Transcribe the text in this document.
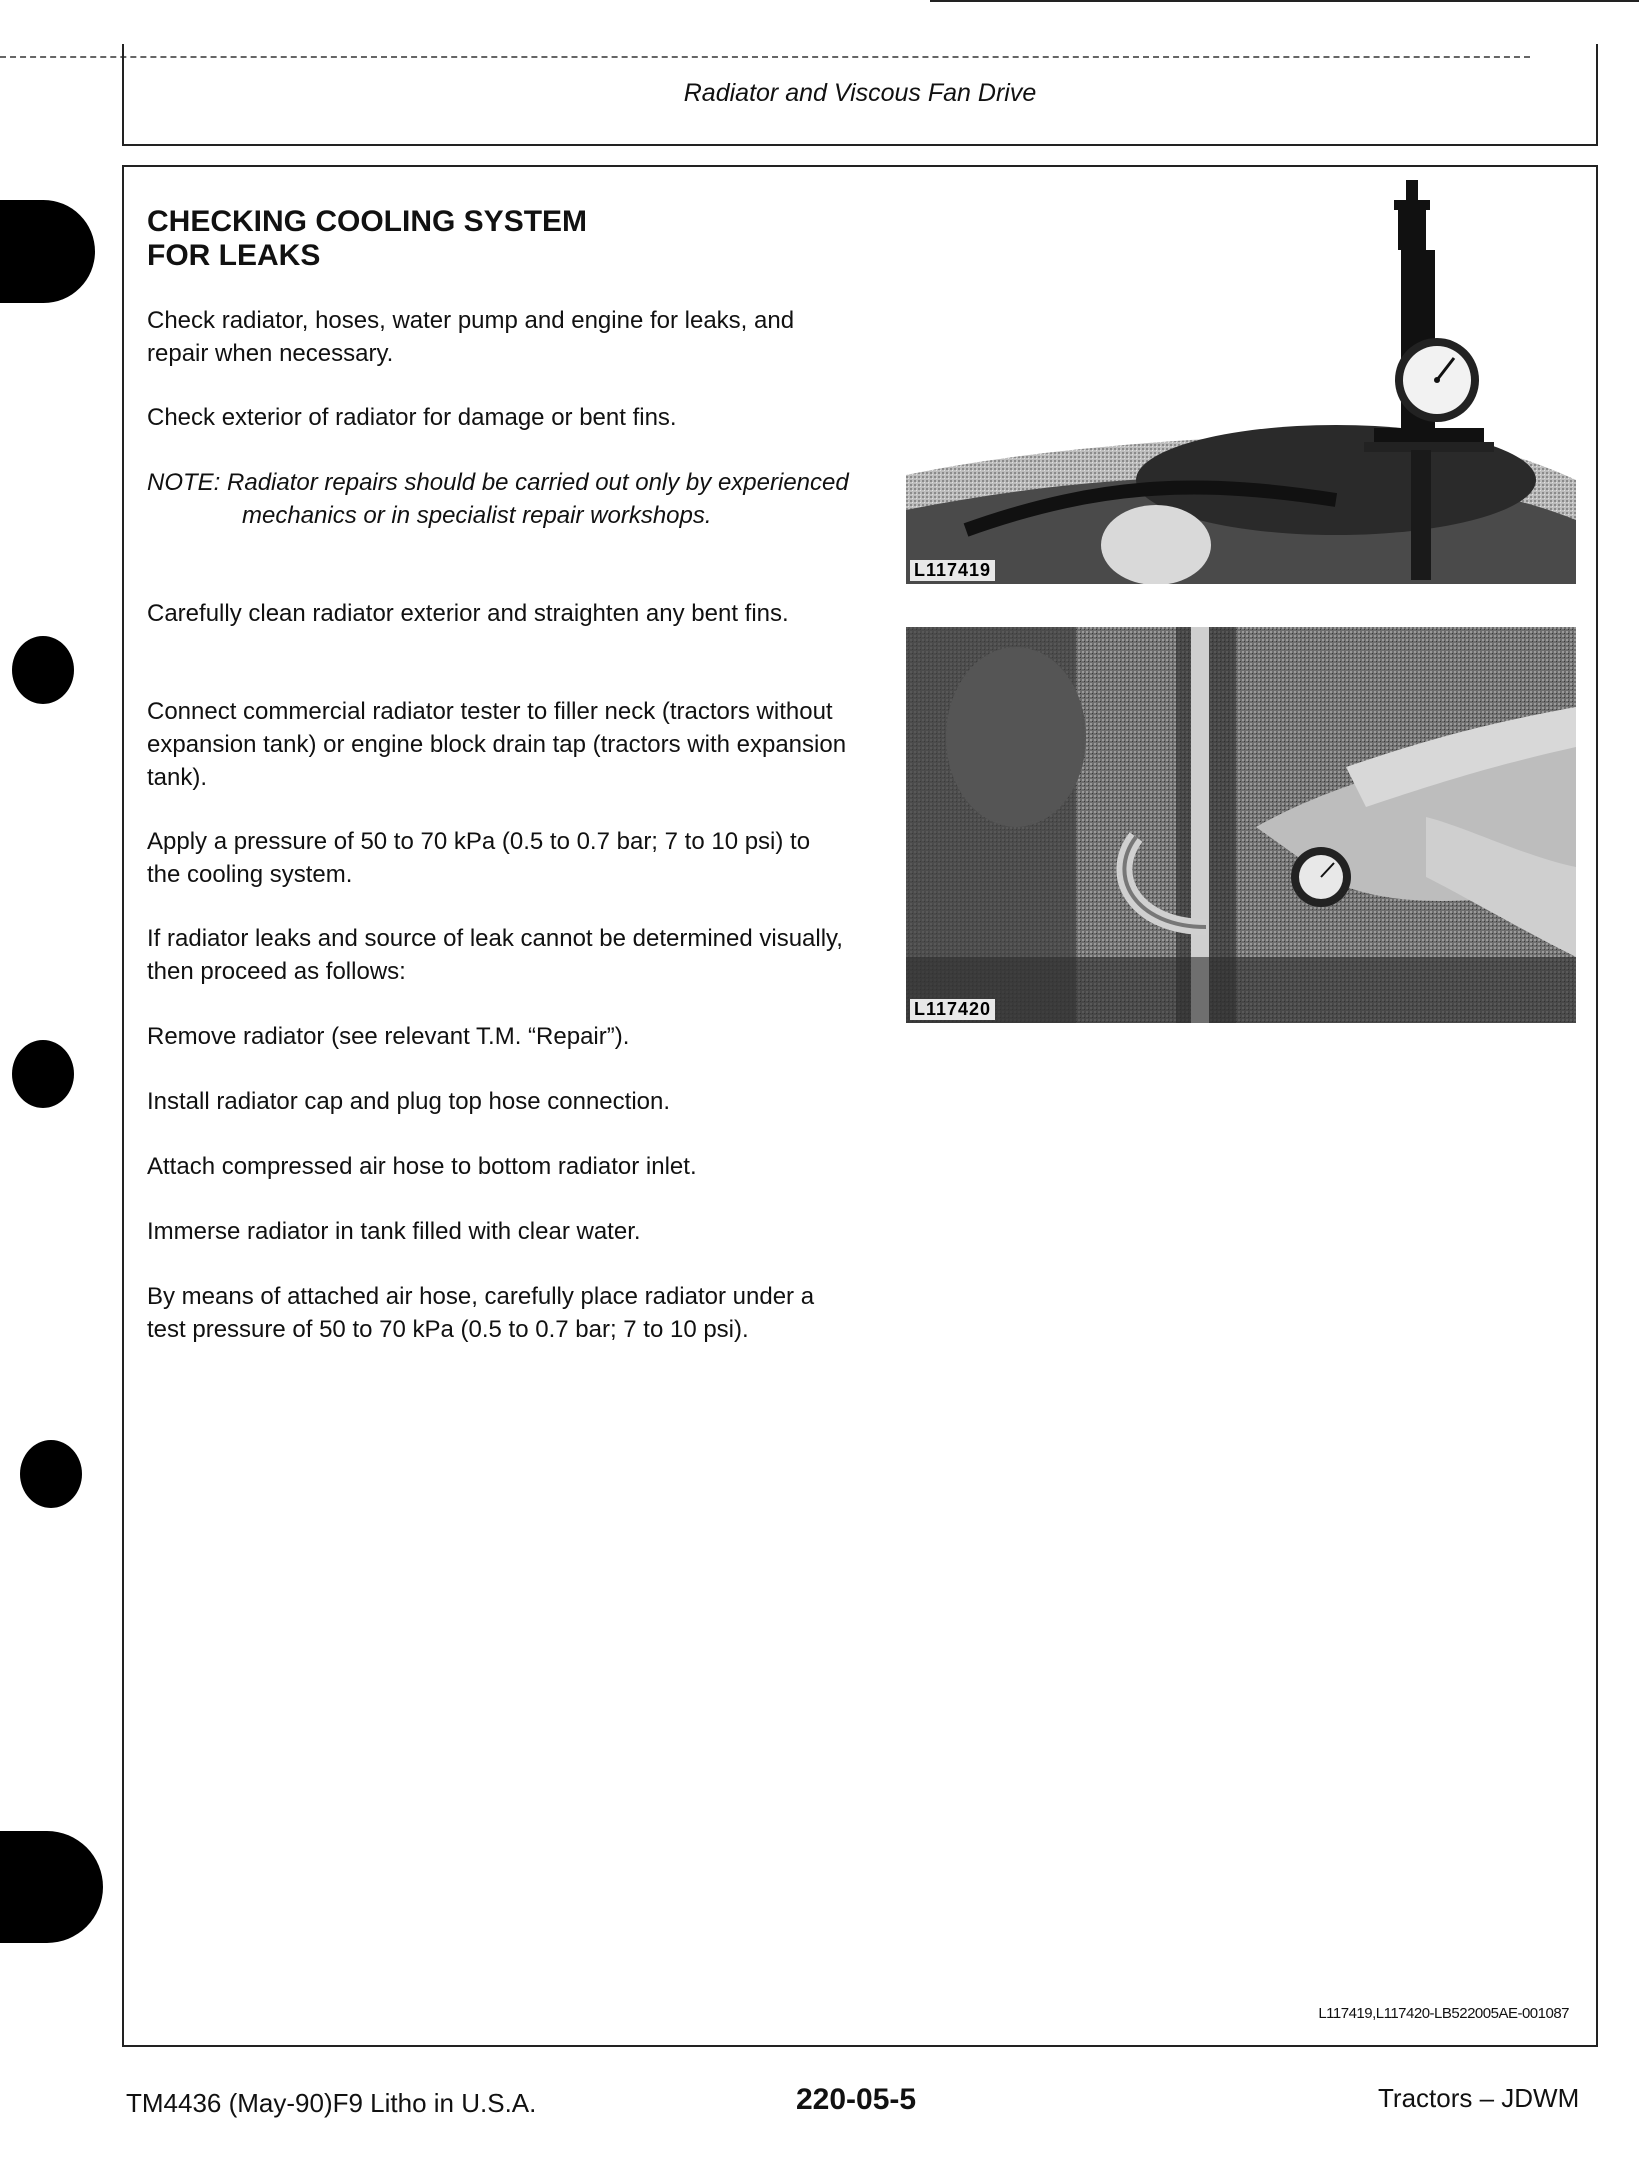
Radiator and Viscous Fan Drive
CHECKING COOLING SYSTEM
FOR LEAKS
Check radiator, hoses, water pump and engine for leaks, and repair when necessary.
Check exterior of radiator for damage or bent fins.
NOTE: Radiator repairs should be carried out only by experienced mechanics or in specialist repair workshops.
Carefully clean radiator exterior and straighten any bent fins.
Connect commercial radiator tester to filler neck (tractors without expansion tank) or engine block drain tap (tractors with expansion tank).
Apply a pressure of 50 to 70 kPa (0.5 to 0.7 bar; 7 to 10 psi) to the cooling system.
If radiator leaks and source of leak cannot be determined visually, then proceed as follows:
Remove radiator (see relevant T.M. “Repair”).
Install radiator cap and plug top hose connection.
Attach compressed air hose to bottom radiator inlet.
Immerse radiator in tank filled with clear water.
By means of attached air hose, carefully place radiator under a test pressure of 50 to 70 kPa (0.5 to 0.7 bar; 7 to 10 psi).
L117419
L117420
L117419,L117420-LB522005AE-001087
TM4436 (May-90)F9 Litho in U.S.A.	220-05-5	Tractors – JDWM
